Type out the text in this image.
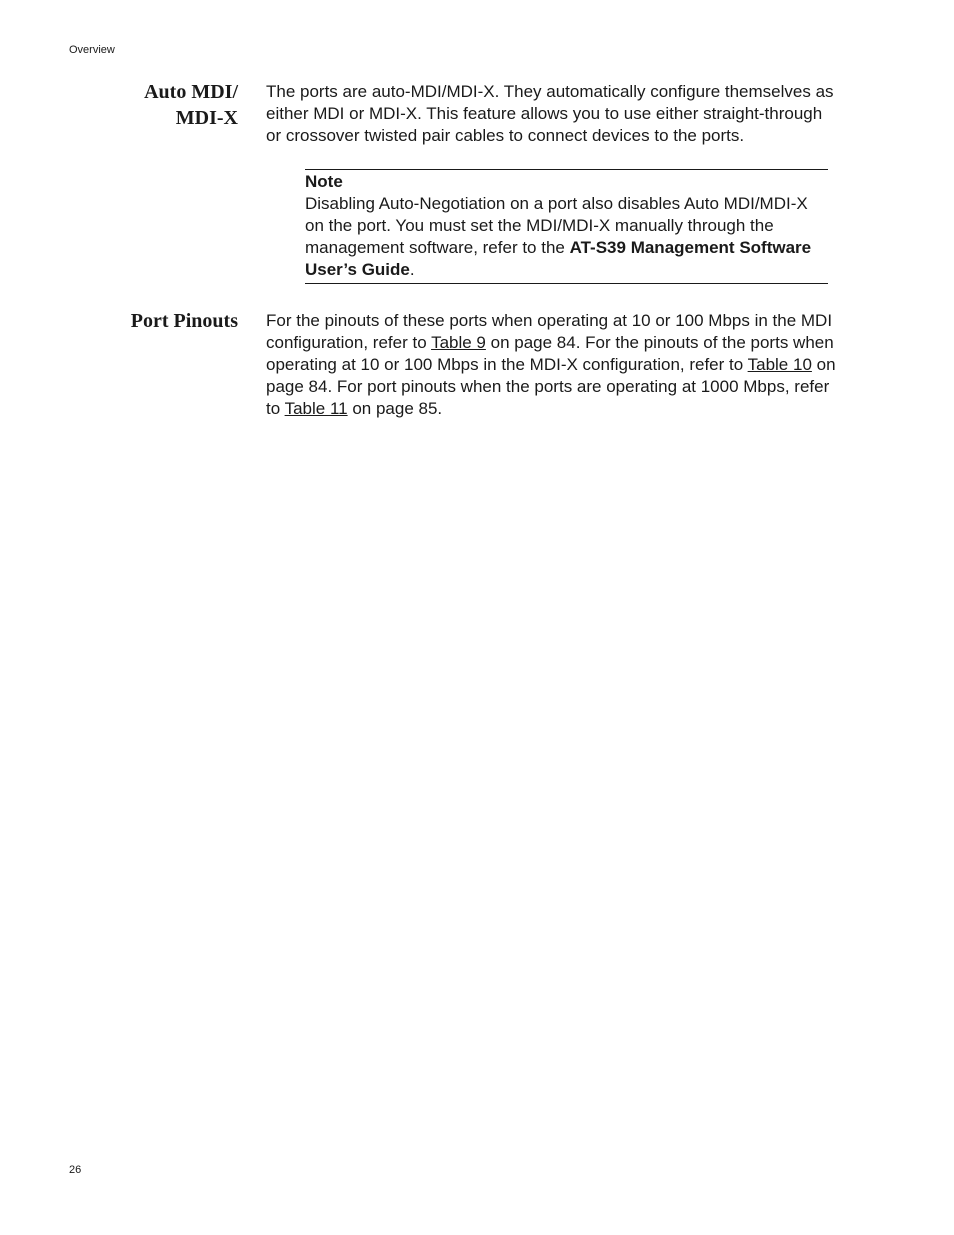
Overview
Auto MDI/
MDI-X
The ports are auto-MDI/MDI-X. They automatically configure themselves as either MDI or MDI-X. This feature allows you to use either straight-through or crossover twisted pair cables to connect devices to the ports.
Note
Disabling Auto-Negotiation on a port also disables Auto MDI/MDI-X on the port. You must set the MDI/MDI-X manually through the management software, refer to the AT-S39 Management Software User’s Guide.
Port Pinouts For the pinouts of these ports when operating at 10 or 100 Mbps in the MDI configuration, refer to Table 9 on page 84. For the pinouts of the ports when operating at 10 or 100 Mbps in the MDI-X configuration, refer to Table 10 on page 84. For port pinouts when the ports are operating at 1000 Mbps, refer to Table 11 on page 85.
26
